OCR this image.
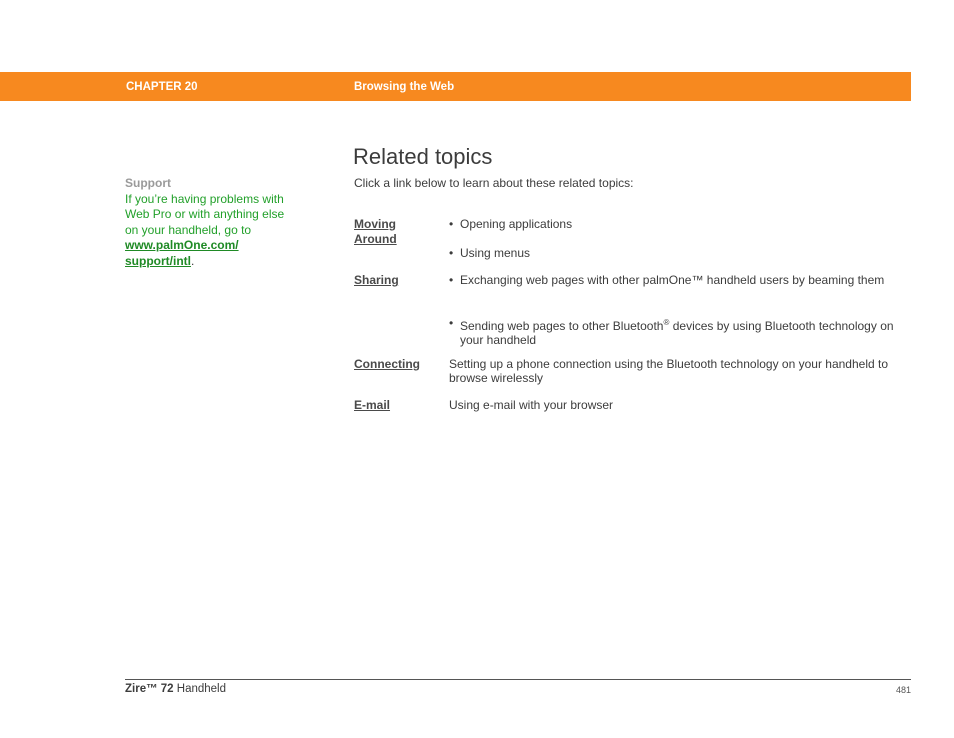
CHAPTER 20	Browsing the Web
Support
If you’re having problems with Web Pro or with anything else on your handheld, go to
www.palmOne.com/
support/intl.
Related topics
Click a link below to learn about these related topics:
Moving
Around
• Opening applications
• Using menus
Sharing
•	Exchanging web pages with other palmOne™ handheld users by beaming them
• Sending web pages to other Bluetooth® devices by using Bluetooth technology on your handheld
Connecting	Setting up a phone connection using the Bluetooth technology on your handheld to browse wirelessly
E-mail	Using e-mail with your browser
Zire™ 72 Handheld	481
